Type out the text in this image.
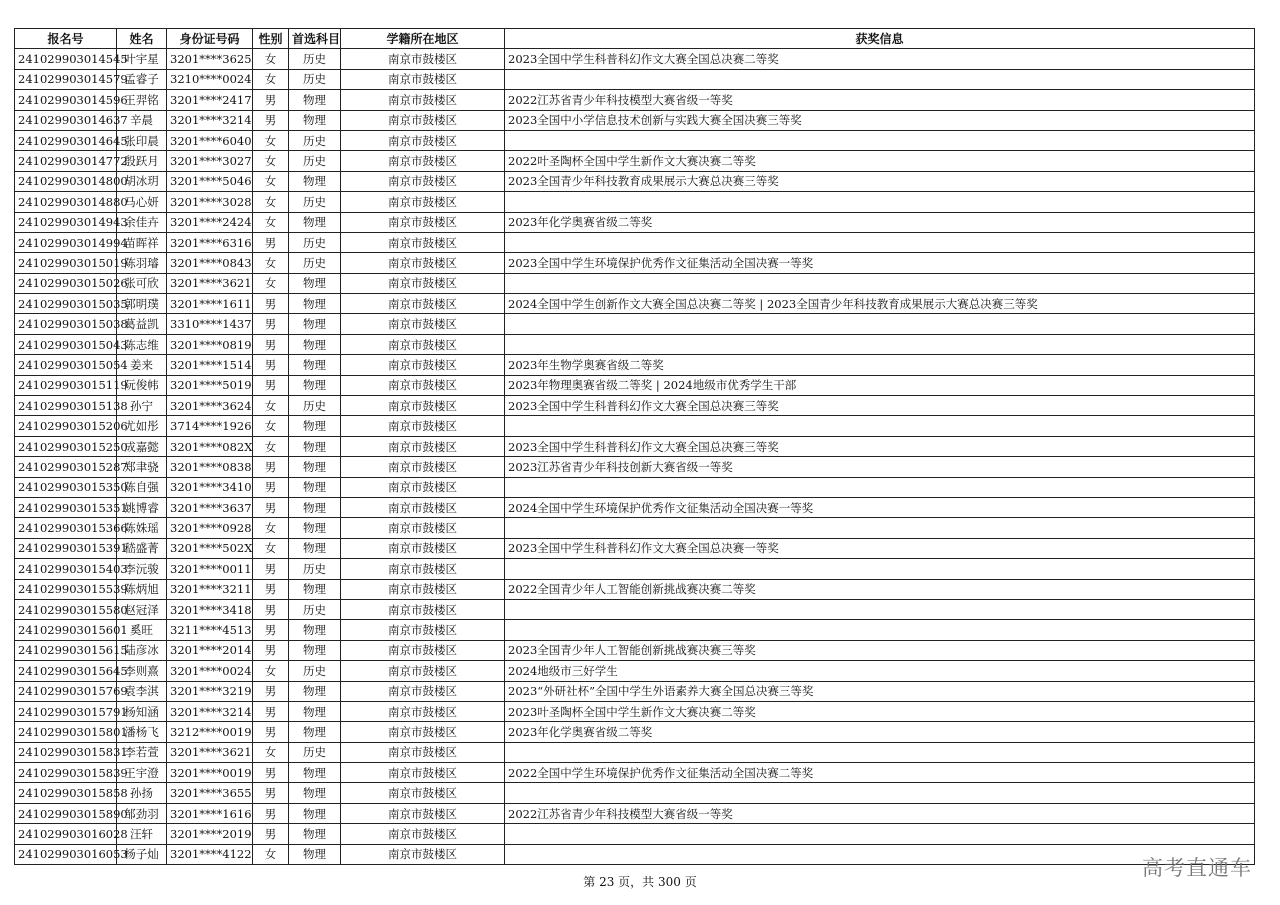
报名号	姓名	身份证号码	性别	首选科目	学籍所在地区	获奖信息
241029903014545	叶宇星	3201****3625	女	历史	南京市鼓楼区	2023全国中学生科普科幻作文大赛全国总决赛二等奖
241029903014579	孟睿子	3210****0024	女	历史	南京市鼓楼区	
241029903014596	王羿铭	3201****2417	男	物理	南京市鼓楼区	2022江苏省青少年科技模型大赛省级一等奖
241029903014637	辛晨	3201****3214	男	物理	南京市鼓楼区	2023全国中小学信息技术创新与实践大赛全国决赛三等奖
241029903014645	张印晨	3201****6040	女	历史	南京市鼓楼区	
241029903014772	殷跃月	3201****3027	女	历史	南京市鼓楼区	2022叶圣陶杯全国中学生新作文大赛决赛二等奖
241029903014800	胡冰玥	3201****5046	女	物理	南京市鼓楼区	2023全国青少年科技教育成果展示大赛总决赛三等奖
241029903014880	马心妍	3201****3028	女	历史	南京市鼓楼区	
241029903014943	余佳卉	3201****2424	女	物理	南京市鼓楼区	2023年化学奥赛省级二等奖
241029903014994	苗晖祥	3201****6316	男	历史	南京市鼓楼区	
241029903015019	陈羽璿	3201****0843	女	历史	南京市鼓楼区	2023全国中学生环境保护优秀作文征集活动全国决赛一等奖
241029903015026	张可欣	3201****3621	女	物理	南京市鼓楼区	
241029903015035	郭明璞	3201****1611	男	物理	南京市鼓楼区	2024全国中学生创新作文大赛全国总决赛二等奖 | 2023全国青少年科技教育成果展示大赛总决赛三等奖
241029903015038	葛益凯	3310****1437	男	物理	南京市鼓楼区	
241029903015043	陈志维	3201****0819	男	物理	南京市鼓楼区	
241029903015054	姜来	3201****1514	男	物理	南京市鼓楼区	2023年生物学奥赛省级二等奖
241029903015119	阮俊帏	3201****5019	男	物理	南京市鼓楼区	2023年物理奥赛省级二等奖 | 2024地级市优秀学生干部
241029903015138	孙宁	3201****3624	女	历史	南京市鼓楼区	2023全国中学生科普科幻作文大赛全国总决赛三等奖
241029903015206	尤如彤	3714****1926	女	物理	南京市鼓楼区	
241029903015250	成嘉懿	3201****082X	女	物理	南京市鼓楼区	2023全国中学生科普科幻作文大赛全国总决赛三等奖
241029903015287	郑聿骁	3201****0838	男	物理	南京市鼓楼区	2023江苏省青少年科技创新大赛省级一等奖
241029903015350	陈自强	3201****3410	男	物理	南京市鼓楼区	
241029903015351	姚博睿	3201****3637	男	物理	南京市鼓楼区	2024全国中学生环境保护优秀作文征集活动全国决赛一等奖
241029903015366	陈姝瑶	3201****0928	女	物理	南京市鼓楼区	
241029903015391	嵇盛菁	3201****502X	女	物理	南京市鼓楼区	2023全国中学生科普科幻作文大赛全国总决赛一等奖
241029903015403	李沅骏	3201****0011	男	历史	南京市鼓楼区	
241029903015539	陈炳旭	3201****3211	男	物理	南京市鼓楼区	2022全国青少年人工智能创新挑战赛决赛二等奖
241029903015580	赵冠泽	3201****3418	男	历史	南京市鼓楼区	
241029903015601	奚旺	3211****4513	男	物理	南京市鼓楼区	
241029903015615	陆彦冰	3201****2014	男	物理	南京市鼓楼区	2023全国青少年人工智能创新挑战赛决赛三等奖
241029903015645	李则熹	3201****0024	女	历史	南京市鼓楼区	2024地级市三好学生
241029903015769	袁李淇	3201****3219	男	物理	南京市鼓楼区	2023“外研社杯”全国中学生外语素养大赛全国总决赛三等奖
241029903015791	杨知涵	3201****3214	男	物理	南京市鼓楼区	2023叶圣陶杯全国中学生新作文大赛决赛二等奖
241029903015801	潘杨飞	3212****0019	男	物理	南京市鼓楼区	2023年化学奥赛省级二等奖
241029903015831	李若萱	3201****3621	女	历史	南京市鼓楼区	
241029903015839	王宇澄	3201****0019	男	物理	南京市鼓楼区	2022全国中学生环境保护优秀作文征集活动全国决赛二等奖
241029903015858	孙扬	3201****3655	男	物理	南京市鼓楼区	
241029903015890	邹劲羽	3201****1616	男	物理	南京市鼓楼区	2022江苏省青少年科技模型大赛省级一等奖
241029903016028	汪轩	3201****2019	男	物理	南京市鼓楼区	
241029903016053	杨子灿	3201****4122	女	物理	南京市鼓楼区	
第 23 页，共 300 页
高考直通车
